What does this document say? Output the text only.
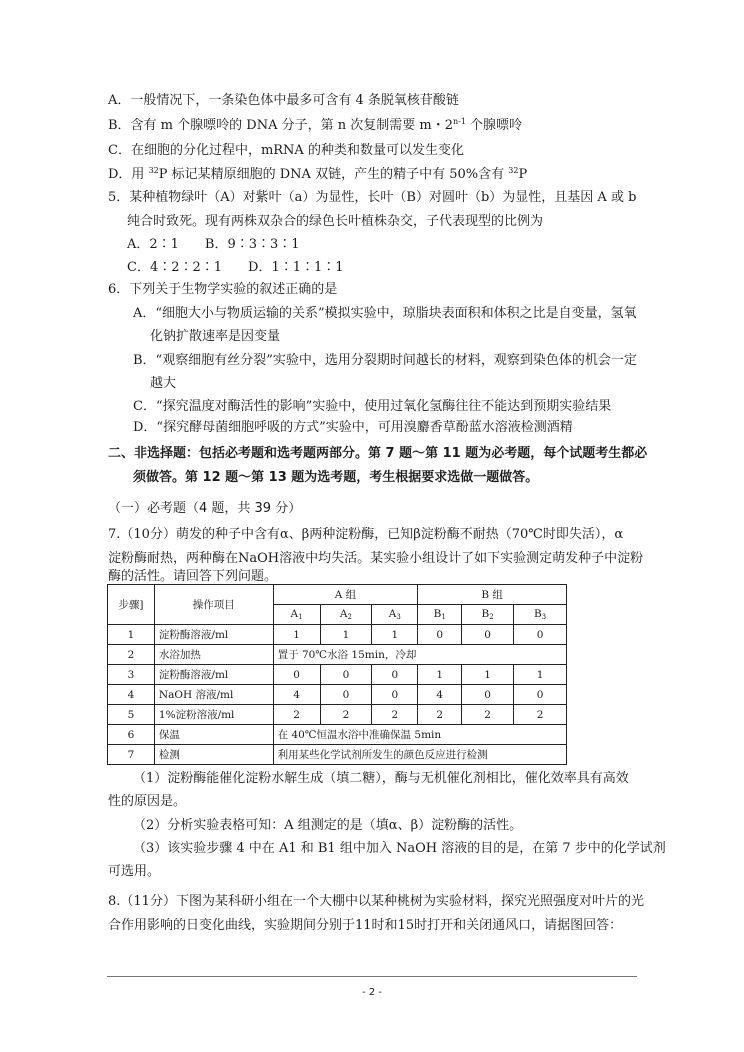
A．一般情况下，一条染色体中最多可含有 4 条脱氧核苷酸链
B．含有 m 个腺嘌呤的 DNA 分子，第 n 次复制需要 m・2$^{n-1}$ 个腺嘌呤
C．在细胞的分化过程中，mRNA 的种类和数量可以发生变化
D．用 $^{32}$P 标记某精原细胞的 DNA 双链，产生的精子中有 50%含有 $^{32}$P
5．某种植物绿叶（A）对紫叶（a）为显性，长叶（B）对圆叶（b）为显性，且基因 A 或 b
纯合时致死。现有两株双杂合的绿色长叶植株杂交，子代表现型的比例为
A．2∶1　　B．9∶3∶3∶1
C．4∶2∶2∶1　　D．1∶1∶1∶1
6．下列关于生物学实验的叙述正确的是
A．“细胞大小与物质运输的关系”模拟实验中，琼脂块表面积和体积之比是自变量，氢氧
化钠扩散速率是因变量
B．“观察细胞有丝分裂”实验中，选用分裂期时间越长的材料，观察到染色体的机会一定
越大
C．“探究温度对酶活性的影响”实验中，使用过氧化氢酶往往不能达到预期实验结果
D．“探究酵母菌细胞呼吸的方式”实验中，可用溴麝香草酚蓝水溶液检测酒精
二、非选择题：包括必考题和选考题两部分。第 7 题～第 11 题为必考题，每个试题考生都必
须做答。第 12 题～第 13 题为选考题，考生根据要求选做一题做答。
（一）必考题（4 题，共 39 分）
7.（10分）萌发的种子中含有α、β两种淀粉酶，已知β淀粉酶不耐热（70℃时即失活），α
淀粉酶耐热，两种酶在NaOH溶液中均失活。某实验小组设计了如下实验测定萌发种子中淀粉
酶的活性。请回答下列问题。
步骤]	操作项目	A 组			B 组		
		$A_1$	$A_2$	$A_3$	$B_1$	$B_2$	$B_3$
1	淀粉酶溶液/ml	1	1	1	0	0	0
2	水浴加热	置于 70℃水浴 15min，冷却					
3	淀粉酶溶液/ml	0	0	0	1	1	1
4	NaOH 溶液/ml	4	0	0	4	0	0
5	1%淀粉溶液/ml	2	2	2	2	2	2
6	保温	在 40℃恒温水浴中准确保温 5min					
7	检测	利用某些化学试剂所发生的颜色反应进行检测					
（1）淀粉酶能催化淀粉水解生成（填二糖），酶与无机催化剂相比，催化效率具有高效
性的原因是。
（2）分析实验表格可知：A 组测定的是（填α、β）淀粉酶的活性。
（3）该实验步骤 4 中在 A1 和 B1 组中加入 NaOH 溶液的目的是，在第 7 步中的化学试剂
可选用。
8.（11分）下图为某科研小组在一个大棚中以某种桃树为实验材料，探究光照强度对叶片的光
合作用影响的日变化曲线，实验期间分别于11时和15时打开和关闭通风口，请据图回答：
- 2 -
